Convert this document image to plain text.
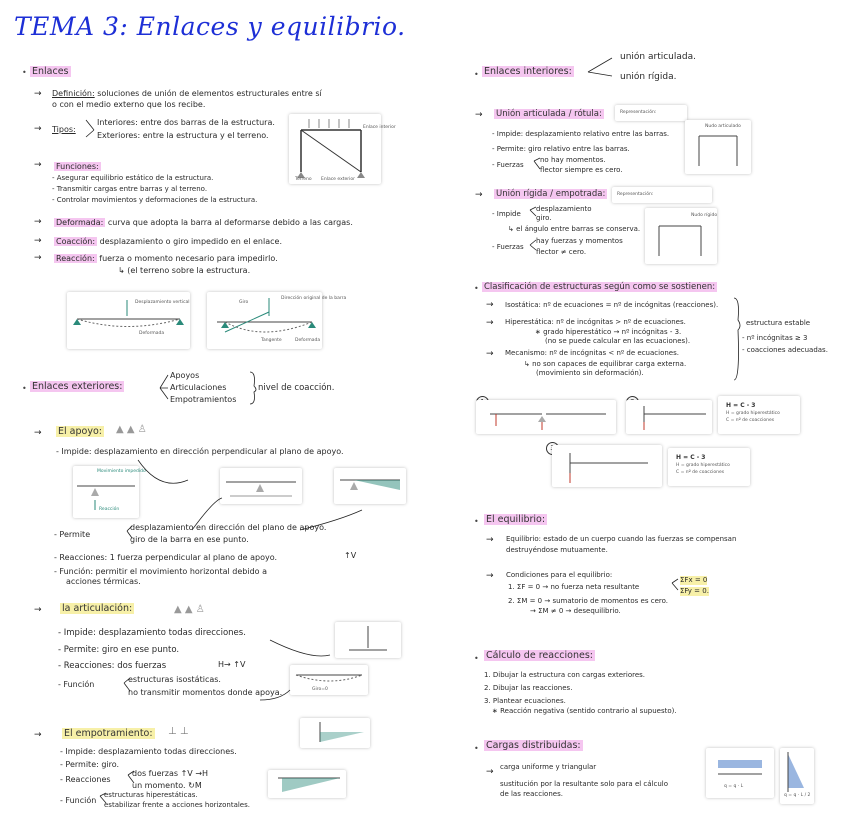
TEMA 3: Enlaces y equilibrio.
• Enlaces
→ Definición: soluciones de unión de elementos estructurales entre sí
o con el medio externo que los recibe.
→ Tipos:
Interiores: entre dos barras de la estructura.
Exteriores: entre la estructura y el terreno.
→ Funciones:
- Asegurar equilibrio estático de la estructura.
- Transmitir cargas entre barras y al terreno.
- Controlar movimientos y deformaciones de la estructura.
→ Deformada: curva que adopta la barra al deformarse debido a las cargas.
→ Coacción: desplazamiento o giro impedido en el enlace.
→ Reacción: fuerza o momento necesario para impedirlo.
↳ (el terreno sobre la estructura.
Enlace interior
Terreno Enlace exterior
Desplazamiento vertical
Deformada
Giro
Dirección original de la barra
Tangente	Deformada
• Enlaces exteriores:
Apoyos
Articulaciones
Empotramientos
nivel de coacción.
→ El apoyo: ▲ ▲ ♙
- Impide: desplazamiento en dirección perpendicular al plano de apoyo.
Movimiento impedido
Reacción
- Permite
desplazamiento en dirección del plano de apoyo.
giro de la barra en ese punto.
- Reacciones: 1 fuerza perpendicular al plano de apoyo.	↑V
- Función: permitir el movimiento horizontal debido a
acciones térmicas.
→ la articulación:	▲ ▲ ♙
- Impide: desplazamiento todas direcciones.
- Permite: giro en ese punto.
- Reacciones: dos fuerzas	H→ ↑V
- Función
estructuras isostáticas.
no transmitir momentos donde apoya.	Giro=0
→ El empotramiento: ⊥ ⊥
- Impide: desplazamiento todas direcciones.
- Permite: giro.
- Reacciones
dos fuerzas ↑V →H
un momento. ↻M
- Función
estructuras hiperestáticas.
estabilizar frente a acciones horizontales.
• Enlaces interiores:
unión articulada.
unión rígida.
→ Unión articulada / rótula:	Representación:
- Impide: desplazamiento relativo entre las barras.
- Permite: giro relativo entre las barras.
- Fuerzas
no hay momentos.
flector siempre es cero.
Nudo articulado
→ Unión rígida / empotrada:	Representación:
- Impide
desplazamiento
giro.
↳ el ángulo entre barras se conserva.
- Fuerzas
hay fuerzas y momentos
flector ≠ cero.
Nudo rígido
• Clasificación de estructuras según como se sostienen:
→ Isostática: nº de ecuaciones = nº de incógnitas (reacciones).
→ Hiperestática: nº de incógnitas > nº de ecuaciones.
∗ grado hiperestático → nº incógnitas - 3.
(no se puede calcular en las ecuaciones).
→ Mecanismo: nº de incógnitas < nº de ecuaciones.
↳ no son capaces de equilibrar carga externa.
(movimiento sin deformación).
estructura estable
- nº incógnitas ≥ 3
- coacciones adecuadas.
H = C - 3
H = grado hiperestático
C = nº de coacciones
H = C - 3
H = grado hiperestático
C = nº de coacciones
• El equilibrio:
→ Equilibrio: estado de un cuerpo cuando las fuerzas se compensan
destruyéndose mutuamente.
→ Condiciones para el equilibrio:
1. ΣF = 0 → no fuerza neta resultante
ΣFx = 0
ΣFy = 0.
2. ΣM = 0 → sumatorio de momentos es cero.
→ ΣM ≠ 0 → desequilibrio.
• Cálculo de reacciones:
1. Dibujar la estructura con cargas exteriores.
2. Dibujar las reacciones.
3. Plantear ecuaciones.
∗ Reacción negativa (sentido contrario al supuesto).
• Cargas distribuidas:
→ carga uniforme y triangular
sustitución por la resultante solo para el cálculo
de las reacciones.
q = q · L
q = q · L / 2
